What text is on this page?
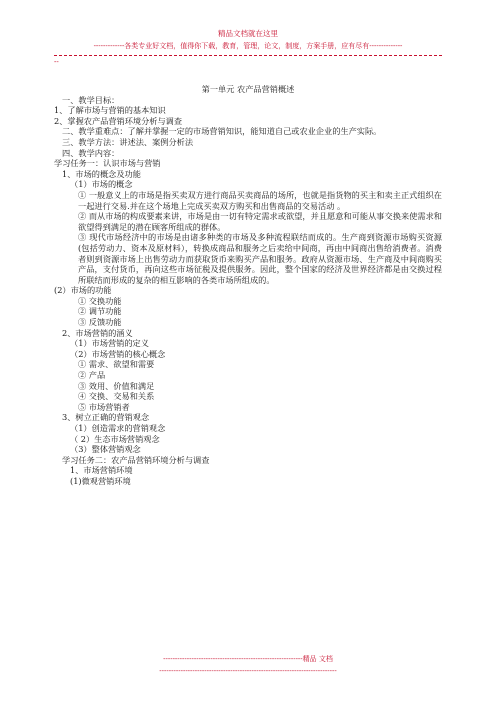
精品文档就在这里
-------------各类专业好文档，值得你下载，教育，管理，论文，制度，方案手册，应有尽有--------------
--
第一单元 农产品营销概述
一、教学目标：
1、了解市场与营销的基本知识
2、掌握农产品营销环境分析与调查
二、教学重难点：了解并掌握一定的市场营销知识，能知道自己或农业企业的生产实际。
三、教学方法：讲述法、案例分析法
四、教学内容：
学习任务一：认识市场与营销
1、市场的概念及功能
（1）市场的概念
① 一般意义上的市场是指买卖双方进行商品买卖商品的场所，也就是指货物的买主和卖主正式组织在一起进行交易.并在这个场地上完成买卖双方购买和出售商品的交易活动 。
② 而从市场的构成要素来讲，市场是由一切有特定需求或欲望，并且愿意和可能从事交换来使需求和欲望得到满足的潜在顾客所组成的群体。
③ 现代市场经济中的市场是由诸多种类的市场及多种流程联结而成的。生产商到资源市场购买资源(包括劳动力、资本及原材料），转换成商品和服务之后卖给中间商，再由中间商出售给消费者。消费者则到资源市场上出售劳动力而获取货币来购买产品和服务。政府从资源市场、生产商及中间商购买产品，支付货币，再向这些市场征税及提供服务。因此，整个国家的经济及世界经济都是由交换过程所联结而形成的复杂的相互影响的各类市场所组成的。
(2）市场的功能
① 交换功能
② 调节功能
③ 反馈功能
2、市场营销的涵义
（1）市场营销的定义
（2）市场营销的核心概念
① 需求、欲望和需要
② 产品
③ 效用、价值和满足
④ 交换、交易和关系
⑤ 市场营销者
3、树立正确的营销观念
（1）创造需求的营销观念
（ 2）生态市场营销观念
（3）整体营销观念
学习任务二：农产品营销环境分析与调查
1、市场营销环境
(1)微观营销环境
-----------------------------------------------------------精品 文档
---------------------------------------------------------------------------
